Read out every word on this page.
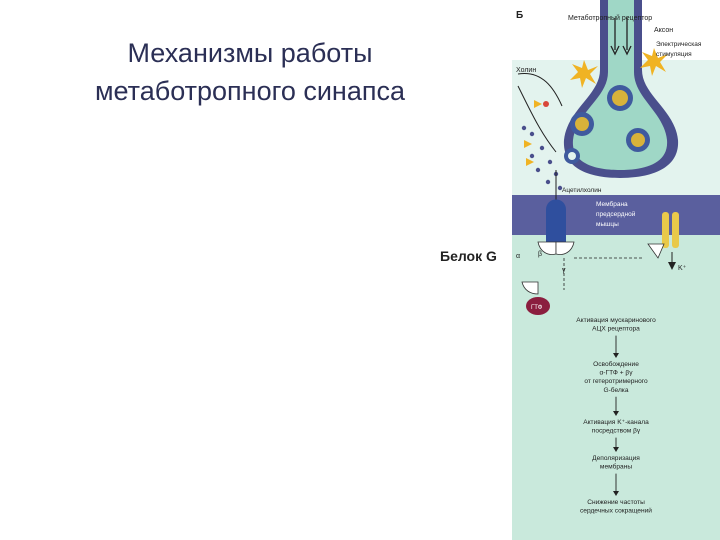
Механизмы работы
метаботропного синапса
Б	Метаботропный рецептор
Аксон
Электрическая
стимуляция
Холин
Ацетилхолин
Мембрана
предсердной
мышцы
α	β
γ	K⁺
ГТФ
Активация мускаринового АЦХ рецептора
Освобождение α-ГТФ + βγ от гетеротримерного G-белка
Активация K⁺-канала посредством βγ
Деполяризация мембраны
Снижение частоты сердечных сокращений
Белок G
